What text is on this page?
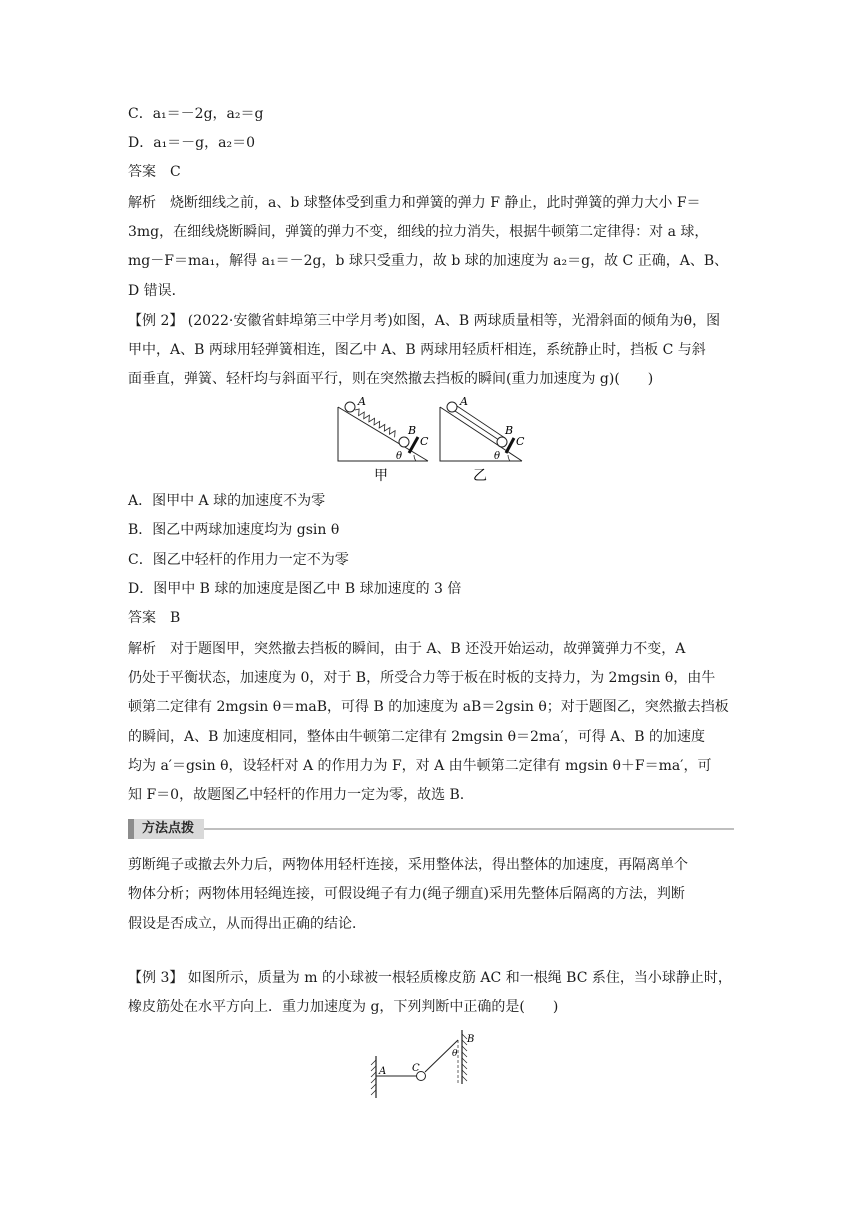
C．a₁＝－2g，a₂＝g
D．a₁＝－g，a₂＝0
答案　C
解析　烧断细线之前，a、b 球整体受到重力和弹簧的弹力 F 静止，此时弹簧的弹力大小 F＝
3mg，在细线烧断瞬间，弹簧的弹力不变，细线的拉力消失，根据牛顿第二定律得：对 a 球，
mg－F＝ma₁，解得 a₁＝－2g，b 球只受重力，故 b 球的加速度为 a₂＝g，故 C 正确，A、B、
D 错误．
【例 2】 (2022·安徽省蚌埠第三中学月考)如图，A、B 两球质量相等，光滑斜面的倾角为θ，图
甲中，A、B 两球用轻弹簧相连，图乙中 A、B 两球用轻质杆相连，系统静止时，挡板 C 与斜
面垂直，弹簧、轻杆均与斜面平行，则在突然撤去挡板的瞬间(重力加速度为 g)(　　)
A
B
C
θ
甲
A
B
C
θ
乙
A．图甲中 A 球的加速度不为零
B．图乙中两球加速度均为 gsin θ
C．图乙中轻杆的作用力一定不为零
D．图甲中 B 球的加速度是图乙中 B 球加速度的 3 倍
答案　B
解析　对于题图甲，突然撤去挡板的瞬间，由于 A、B 还没开始运动，故弹簧弹力不变，A
仍处于平衡状态，加速度为 0，对于 B，所受合力等于板在时板的支持力，为 2mgsin θ，由牛
顿第二定律有 2mgsin θ＝maB，可得 B 的加速度为 aB＝2gsin θ；对于题图乙，突然撤去挡板
的瞬间，A、B 加速度相同，整体由牛顿第二定律有 2mgsin θ＝2ma′，可得 A、B 的加速度
均为 a′＝gsin θ，设轻杆对 A 的作用力为 F，对 A 由牛顿第二定律有 mgsin θ＋F＝ma′，可
知 F＝0，故题图乙中轻杆的作用力一定为零，故选 B.
方法点拨
剪断绳子或撤去外力后，两物体用轻杆连接，采用整体法，得出整体的加速度，再隔离单个
物体分析；两物体用轻绳连接，可假设绳子有力(绳子绷直)采用先整体后隔离的方法，判断
假设是否成立，从而得出正确的结论．
【例 3】 如图所示，质量为 m 的小球被一根轻质橡皮筋 AC 和一根绳 BC 系住，当小球静止时，
橡皮筋处在水平方向上．重力加速度为 g，下列判断中正确的是(　　)
A	C
B
θ
